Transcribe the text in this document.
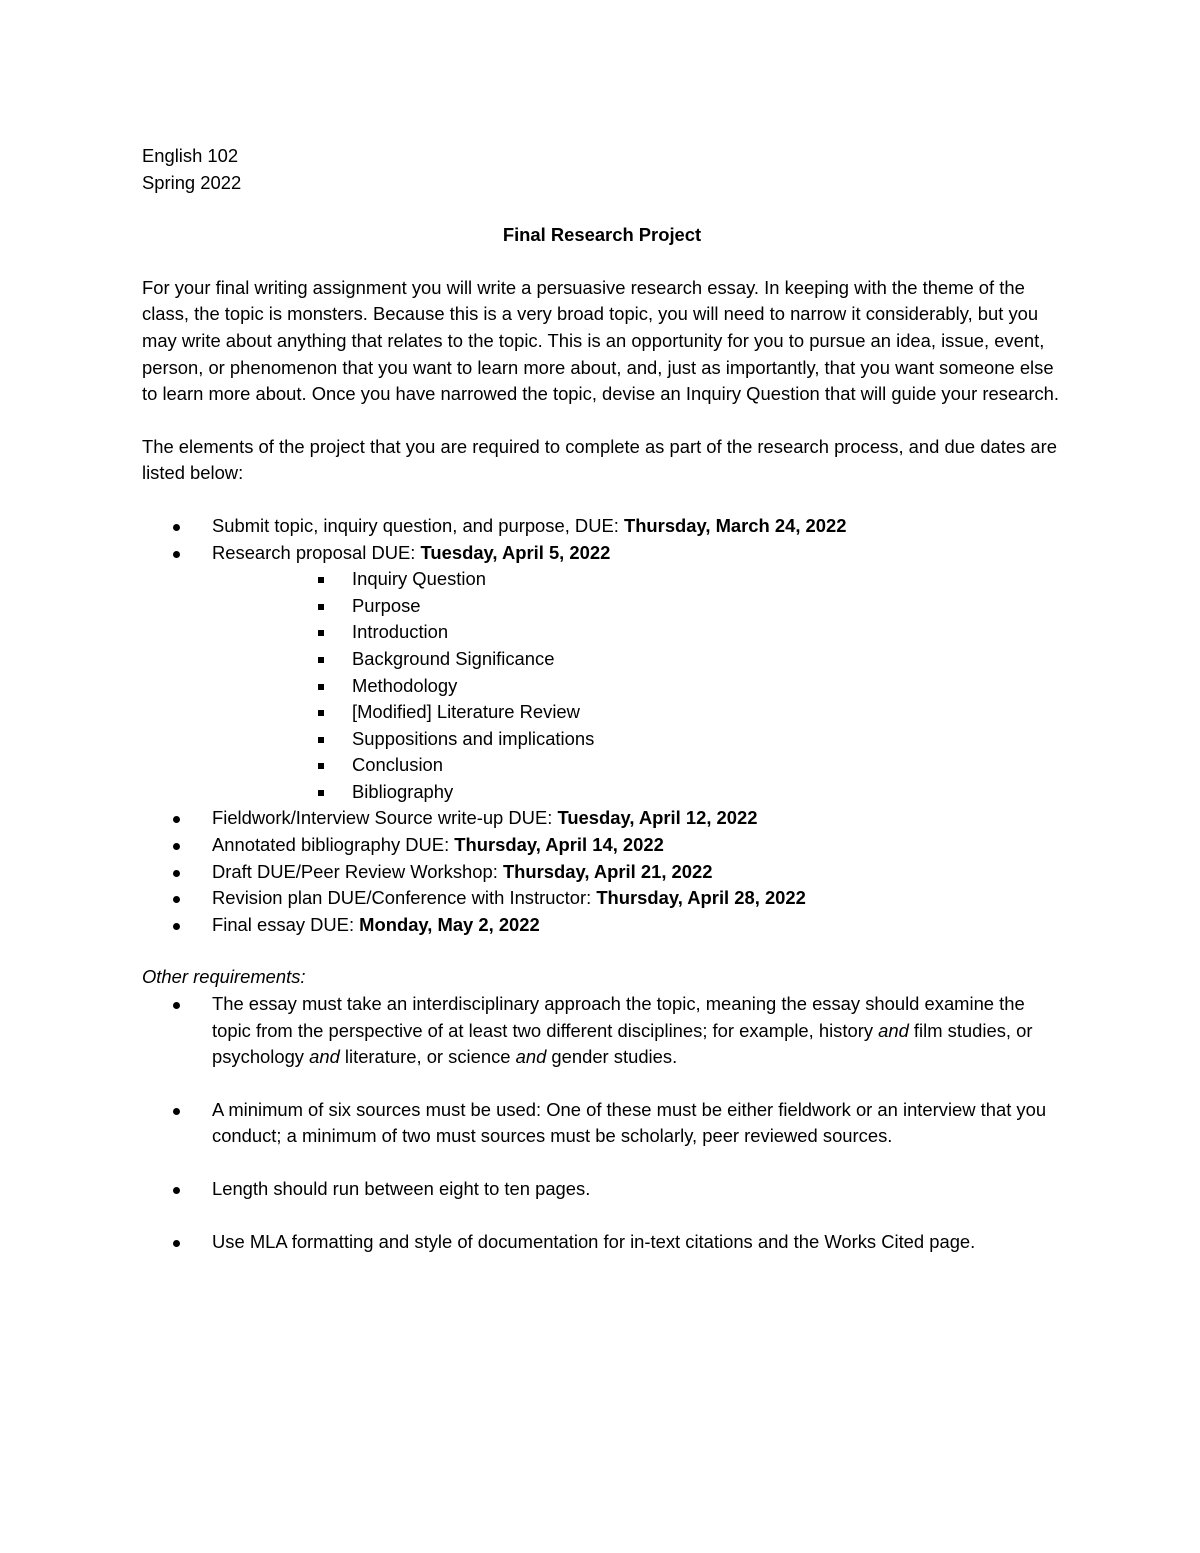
English 102
Spring 2022
Final Research Project

For your final writing assignment you will write a persuasive research essay. In keeping with the theme of the class, the topic is monsters. Because this is a very broad topic, you will need to narrow it considerably, but you may write about anything that relates to the topic. This is an opportunity for you to pursue an idea, issue, event, person, or phenomenon that you want to learn more about, and, just as importantly, that you want someone else to learn more about. Once you have narrowed the topic, devise an Inquiry Question that will guide your research.

The elements of the project that you are required to complete as part of the research process, and due dates are listed below:

Submit topic, inquiry question, and purpose, DUE: Thursday, March 24, 2022
Research proposal DUE: Tuesday, April 5, 2022
Inquiry Question
Purpose
Introduction
Background Significance
Methodology
[Modified] Literature Review
Suppositions and implications
Conclusion
Bibliography
Fieldwork/Interview Source write-up DUE: Tuesday, April 12, 2022
Annotated bibliography DUE: Thursday, April 14, 2022
Draft DUE/Peer Review Workshop: Thursday, April 21, 2022
Revision plan DUE/Conference with Instructor: Thursday, April 28, 2022
Final essay DUE: Monday, May 2, 2022
Other requirements:
The essay must take an interdisciplinary approach the topic, meaning the essay should examine the topic from the perspective of at least two different disciplines; for example, history and film studies, or psychology and literature, or science and gender studies.
A minimum of six sources must be used: One of these must be either fieldwork or an interview that you conduct; a minimum of two must sources must be scholarly, peer reviewed sources.
Length should run between eight to ten pages.
Use MLA formatting and style of documentation for in-text citations and the Works Cited page.
